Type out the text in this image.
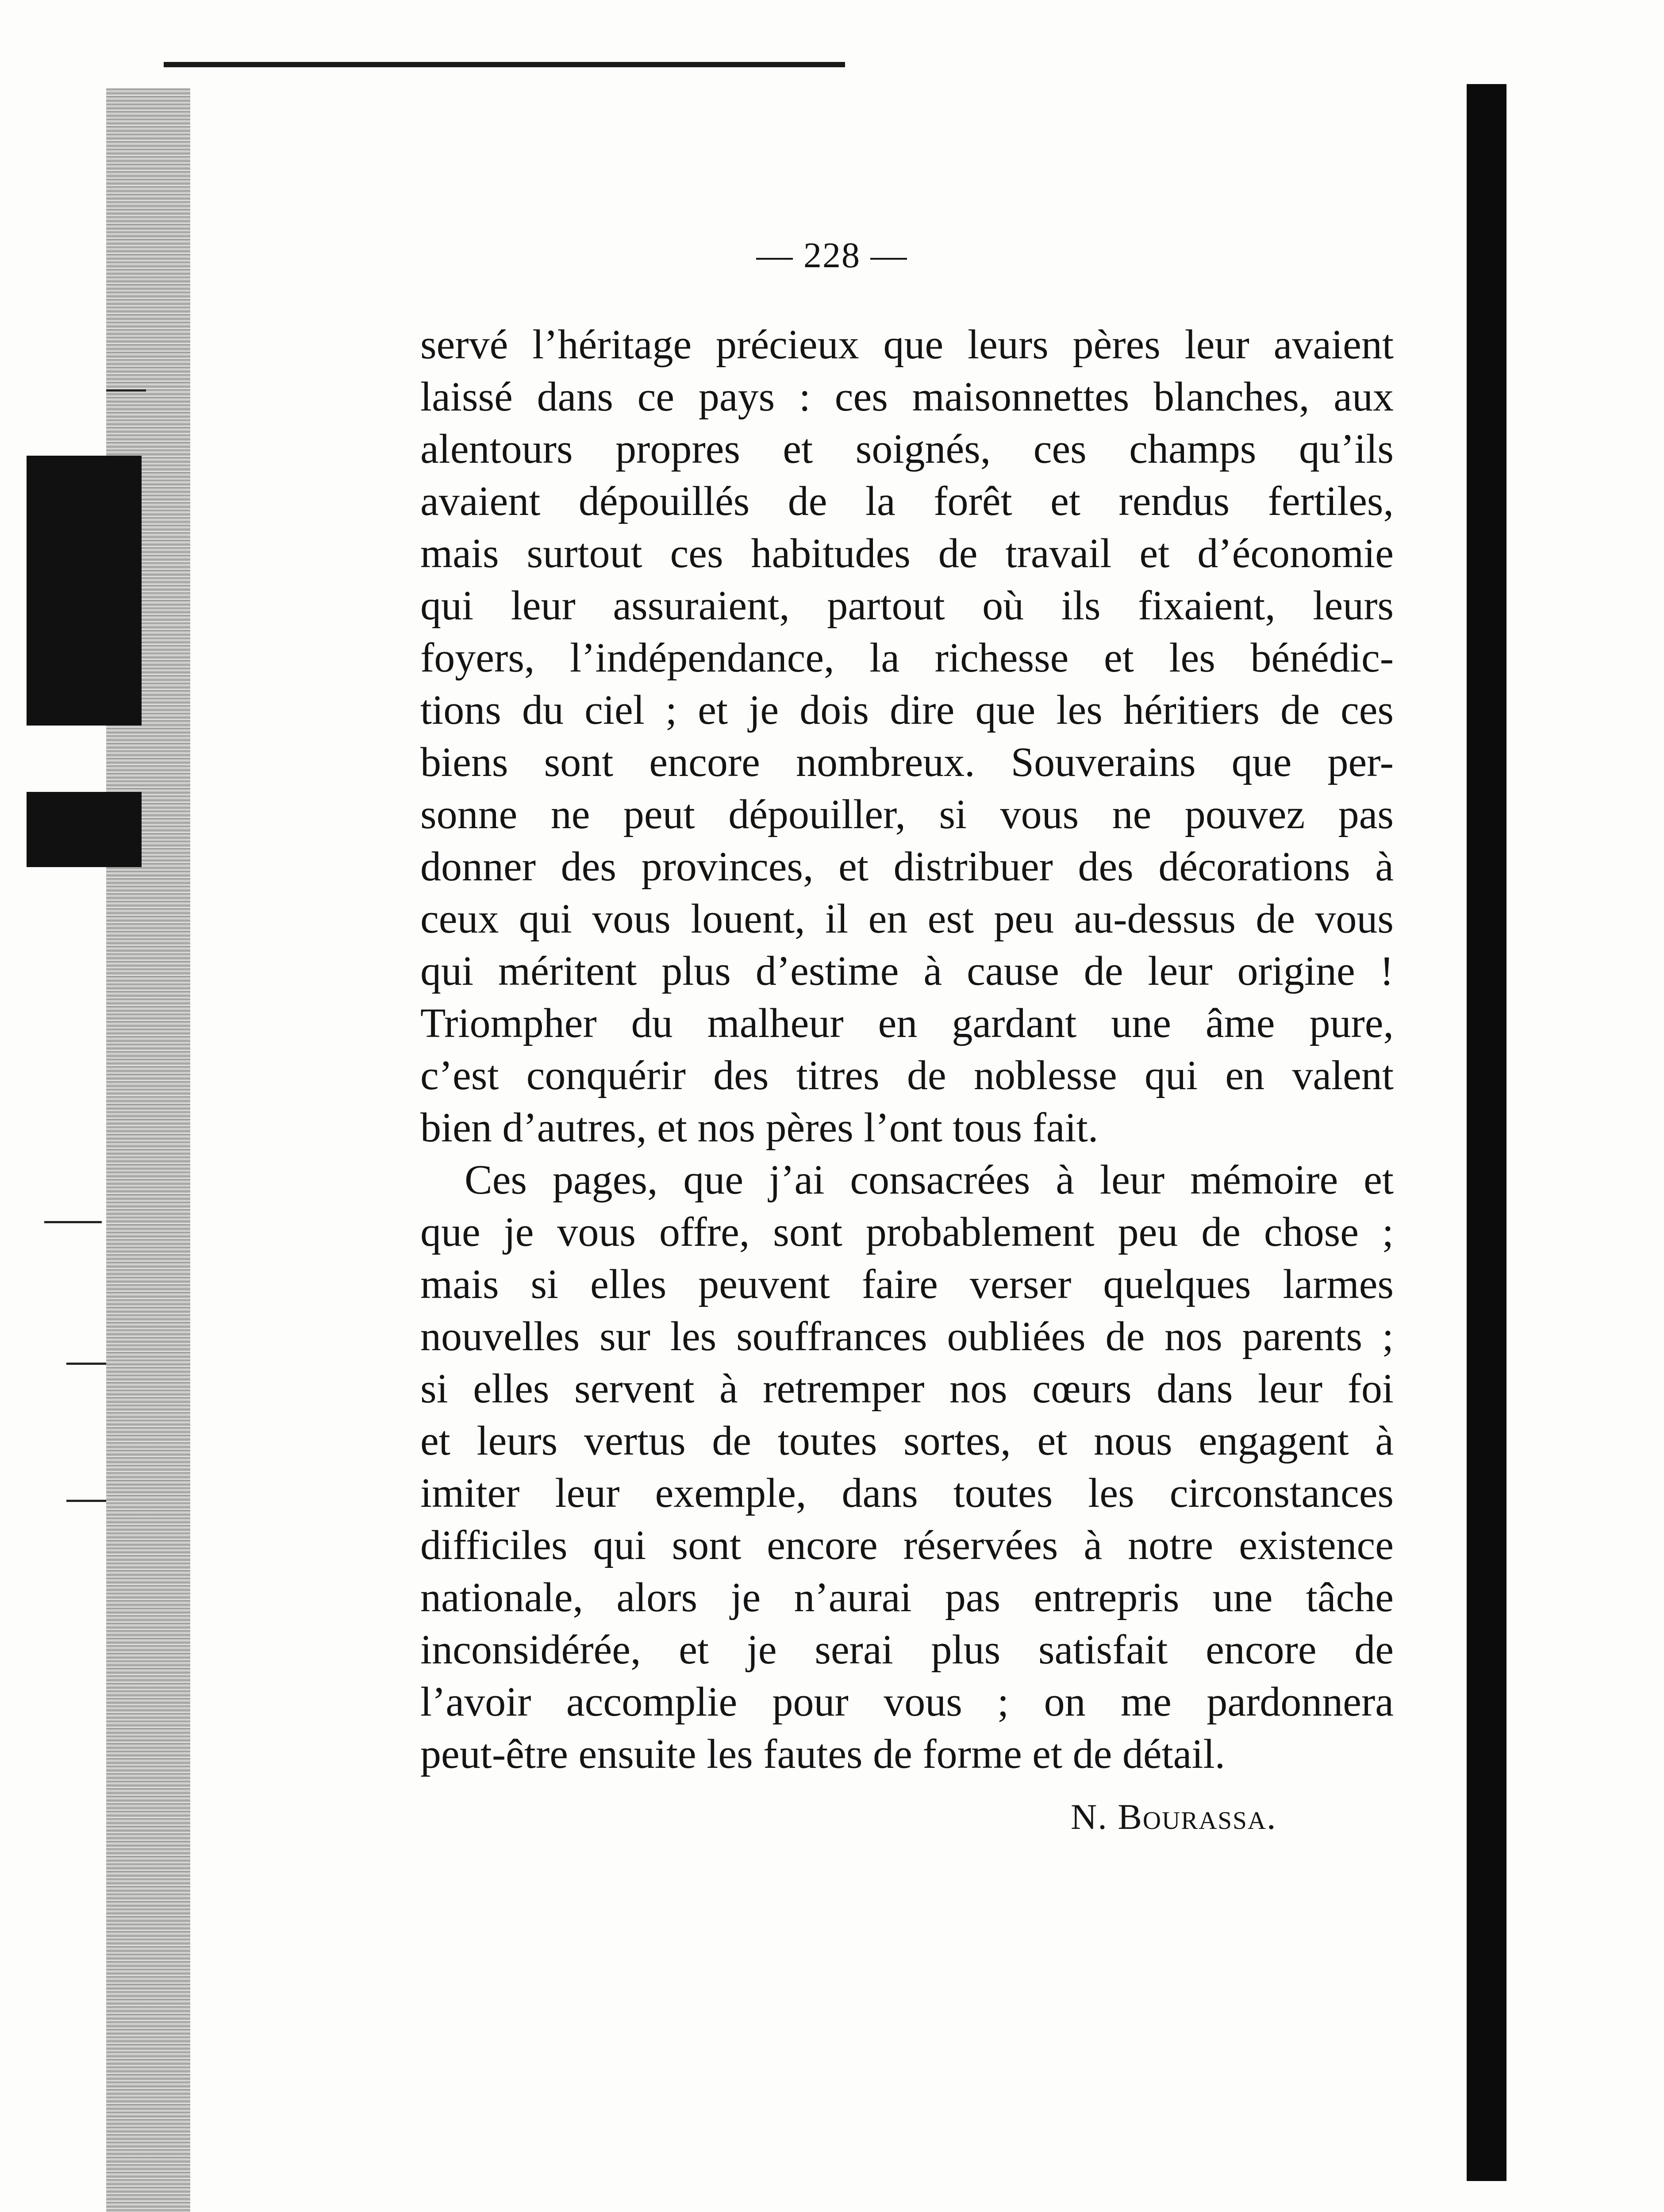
— 228 —
servé l’héritage précieux que leurs pères leur avaient
laissé dans ce pays : ces maisonnettes blanches, aux
alentours propres et soignés, ces champs qu’ils
avaient dépouillés de la forêt et rendus fertiles,
mais surtout ces habitudes de travail et d’économie
qui leur assuraient, partout où ils fixaient, leurs
foyers, l’indépendance, la richesse et les bénédic-
tions du ciel ; et je dois dire que les héritiers de ces
biens sont encore nombreux. Souverains que per-
sonne ne peut dépouiller, si vous ne pouvez pas
donner des provinces, et distribuer des décorations à
ceux qui vous louent, il en est peu au-dessus de vous
qui méritent plus d’estime à cause de leur origine !
Triompher du malheur en gardant une âme pure,
c’est conquérir des titres de noblesse qui en valent
bien d’autres, et nos pères l’ont tous fait.
Ces pages, que j’ai consacrées à leur mémoire et
que je vous offre, sont probablement peu de chose ;
mais si elles peuvent faire verser quelques larmes
nouvelles sur les souffrances oubliées de nos parents ;
si elles servent à retremper nos cœurs dans leur foi
et leurs vertus de toutes sortes, et nous engagent à
imiter leur exemple, dans toutes les circonstances
difficiles qui sont encore réservées à notre existence
nationale, alors je n’aurai pas entrepris une tâche
inconsidérée, et je serai plus satisfait encore de
l’avoir accomplie pour vous ; on me pardonnera
peut-être ensuite les fautes de forme et de détail.
N. Bourassa.
